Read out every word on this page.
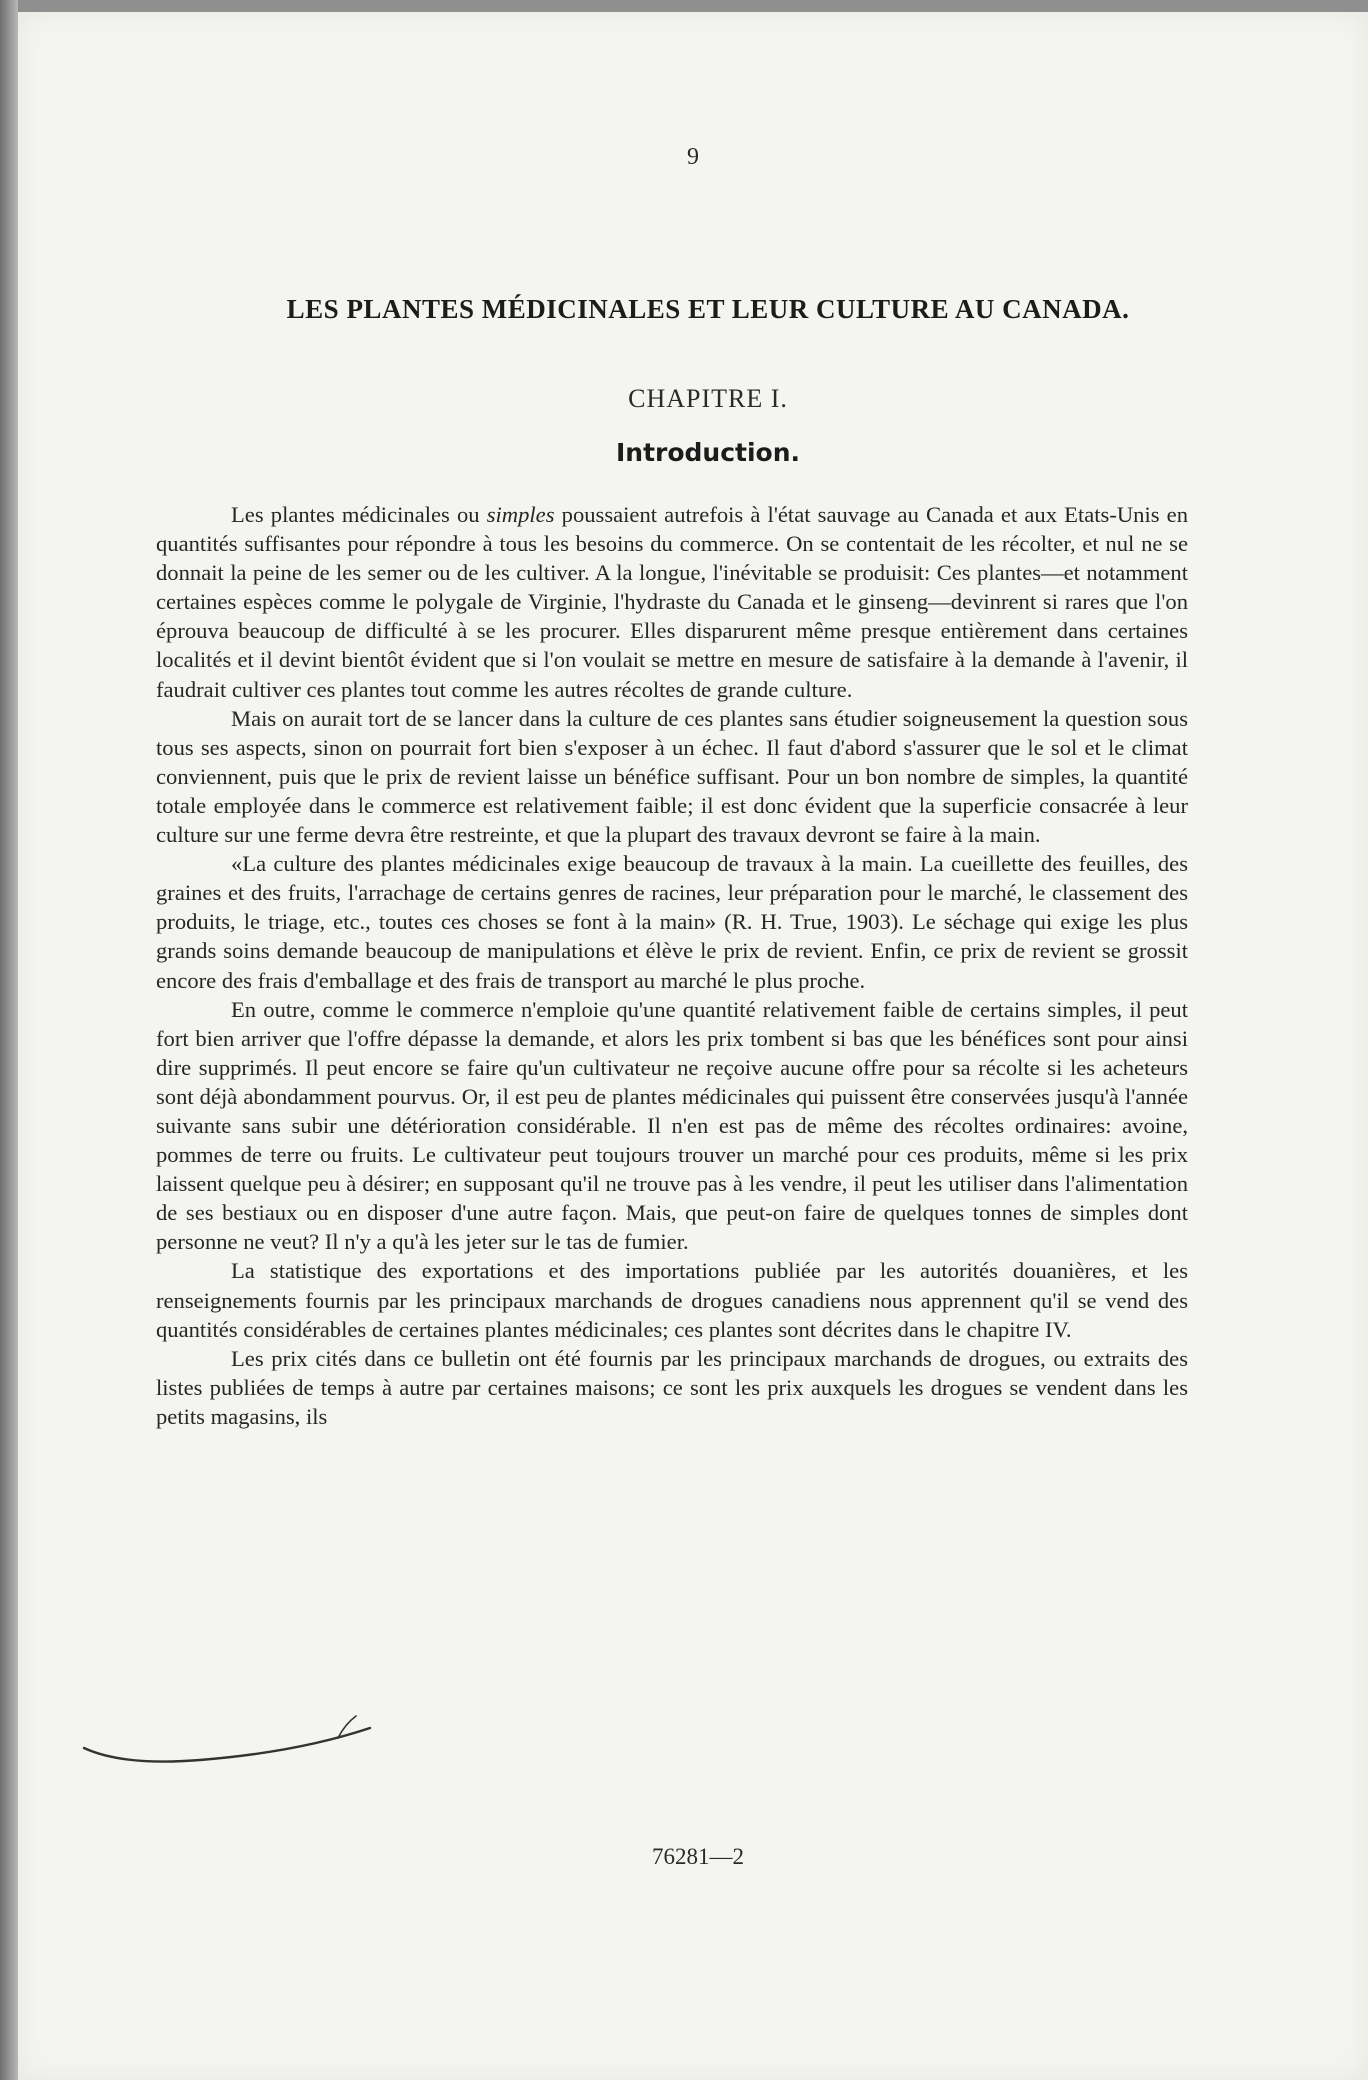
9
LES PLANTES MÉDICINALES ET LEUR CULTURE AU CANADA.
CHAPITRE I.
Introduction.

Les plantes médicinales ou simples poussaient autrefois à l'état sauvage au Canada et aux Etats-Unis en quantités suffisantes pour répondre à tous les besoins du commerce. On se contentait de les récolter, et nul ne se donnait la peine de les semer ou de les cultiver. A la longue, l'inévitable se produisit: Ces plantes—et notamment certaines espèces comme le polygale de Virginie, l'hydraste du Canada et le ginseng—devinrent si rares que l'on éprouva beaucoup de difficulté à se les procurer. Elles disparurent même presque entièrement dans certaines localités et il devint bientôt évident que si l'on voulait se mettre en mesure de satisfaire à la demande à l'avenir, il faudrait cultiver ces plantes tout comme les autres récoltes de grande culture.

Mais on aurait tort de se lancer dans la culture de ces plantes sans étudier soigneusement la question sous tous ses aspects, sinon on pourrait fort bien s'exposer à un échec. Il faut d'abord s'assurer que le sol et le climat conviennent, puis que le prix de revient laisse un bénéfice suffisant. Pour un bon nombre de simples, la quantité totale employée dans le commerce est relativement faible; il est donc évident que la superficie consacrée à leur culture sur une ferme devra être restreinte, et que la plupart des travaux devront se faire à la main.

«La culture des plantes médicinales exige beaucoup de travaux à la main. La cueillette des feuilles, des graines et des fruits, l'arrachage de certains genres de racines, leur préparation pour le marché, le classement des produits, le triage, etc., toutes ces choses se font à la main» (R. H. True, 1903). Le séchage qui exige les plus grands soins demande beaucoup de manipulations et élève le prix de revient. Enfin, ce prix de revient se grossit encore des frais d'emballage et des frais de transport au marché le plus proche.

En outre, comme le commerce n'emploie qu'une quantité relativement faible de certains simples, il peut fort bien arriver que l'offre dépasse la demande, et alors les prix tombent si bas que les bénéfices sont pour ainsi dire supprimés. Il peut encore se faire qu'un cultivateur ne reçoive aucune offre pour sa récolte si les acheteurs sont déjà abondamment pourvus. Or, il est peu de plantes médicinales qui puissent être conservées jusqu'à l'année suivante sans subir une détérioration considérable. Il n'en est pas de même des récoltes ordinaires: avoine, pommes de terre ou fruits. Le cultivateur peut toujours trouver un marché pour ces produits, même si les prix laissent quelque peu à désirer; en supposant qu'il ne trouve pas à les vendre, il peut les utiliser dans l'alimentation de ses bestiaux ou en disposer d'une autre façon. Mais, que peut-on faire de quelques tonnes de simples dont personne ne veut? Il n'y a qu'à les jeter sur le tas de fumier.

La statistique des exportations et des importations publiée par les autorités douanières, et les renseignements fournis par les principaux marchands de drogues canadiens nous apprennent qu'il se vend des quantités considérables de certaines plantes médicinales; ces plantes sont décrites dans le chapitre IV.

Les prix cités dans ce bulletin ont été fournis par les principaux marchands de drogues, ou extraits des listes publiées de temps à autre par certaines maisons; ce sont les prix auxquels les drogues se vendent dans les petits magasins, ils

76281—2
